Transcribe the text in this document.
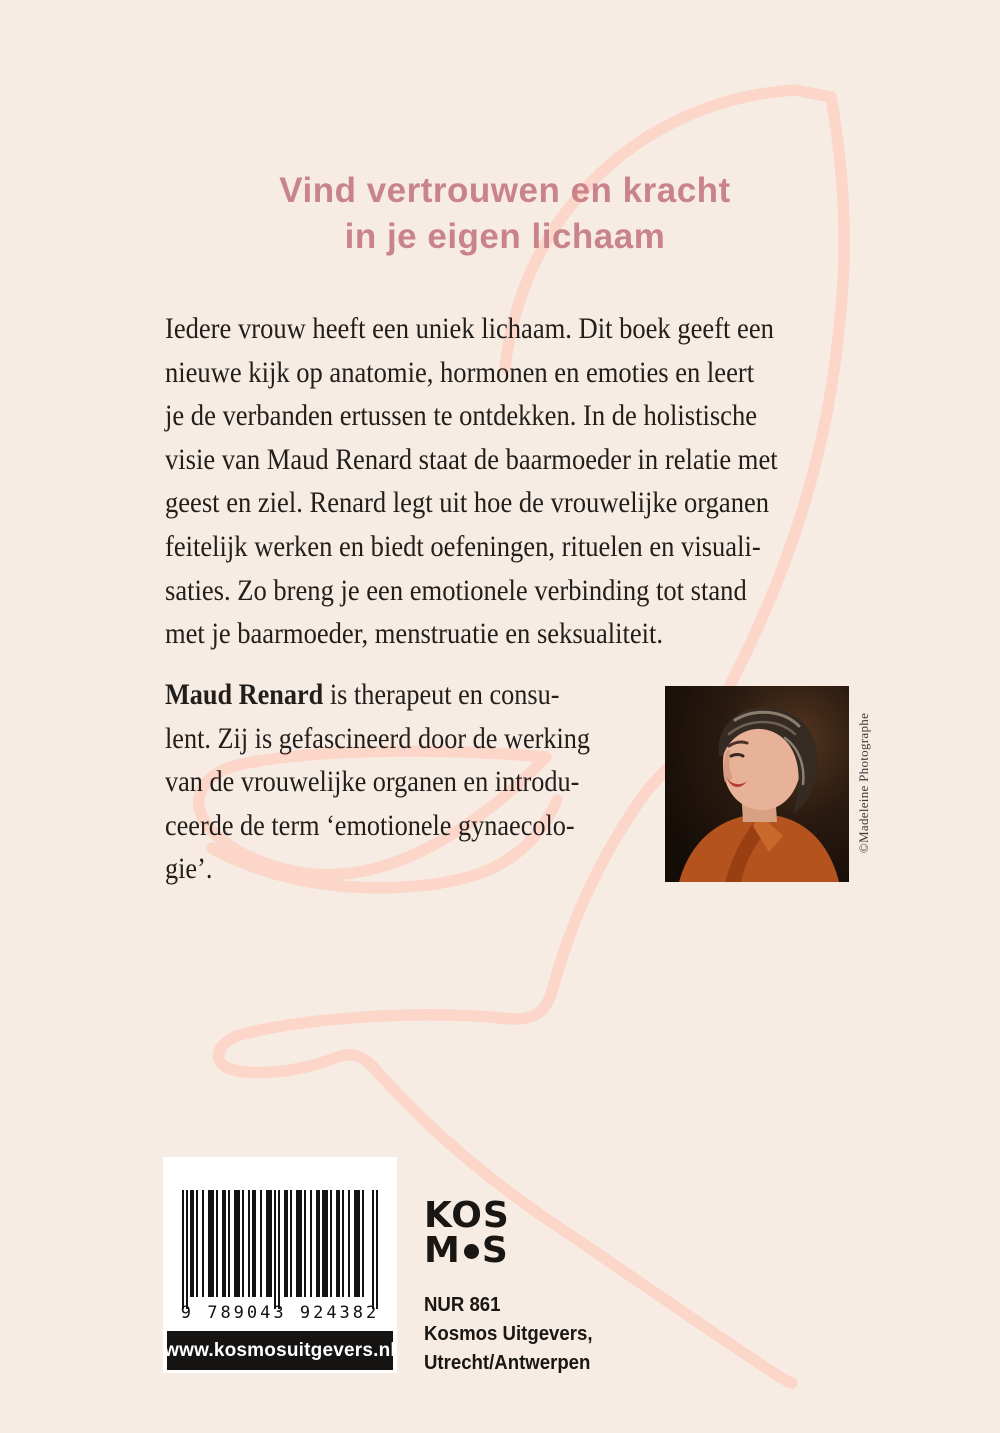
Vind vertrouwen en kracht
in je eigen lichaam
Iedere vrouw heeft een uniek lichaam. Dit boek geeft een
nieuwe kijk op anatomie, hormonen en emoties en leert
je de verbanden ertussen te ontdekken. In de holistische
visie van Maud Renard staat de baarmoeder in relatie met
geest en ziel. Renard legt uit hoe de vrouwelijke organen
feitelijk werken en biedt oefeningen, rituelen en visuali-
saties. Zo breng je een emotionele verbinding tot stand
met je baarmoeder, menstruatie en seksualiteit.
Maud Renard is therapeut en consu-
lent. Zij is gefascineerd door de werking
van de vrouwelijke organen en introdu-
ceerde de term ‘emotionele gynaecolo-
gie’.
©Madeleine Photographe
9 789043 924382
www.kosmosuitgevers.nl
KOS
M S
NUR 861
Kosmos Uitgevers,
Utrecht/Antwerpen
